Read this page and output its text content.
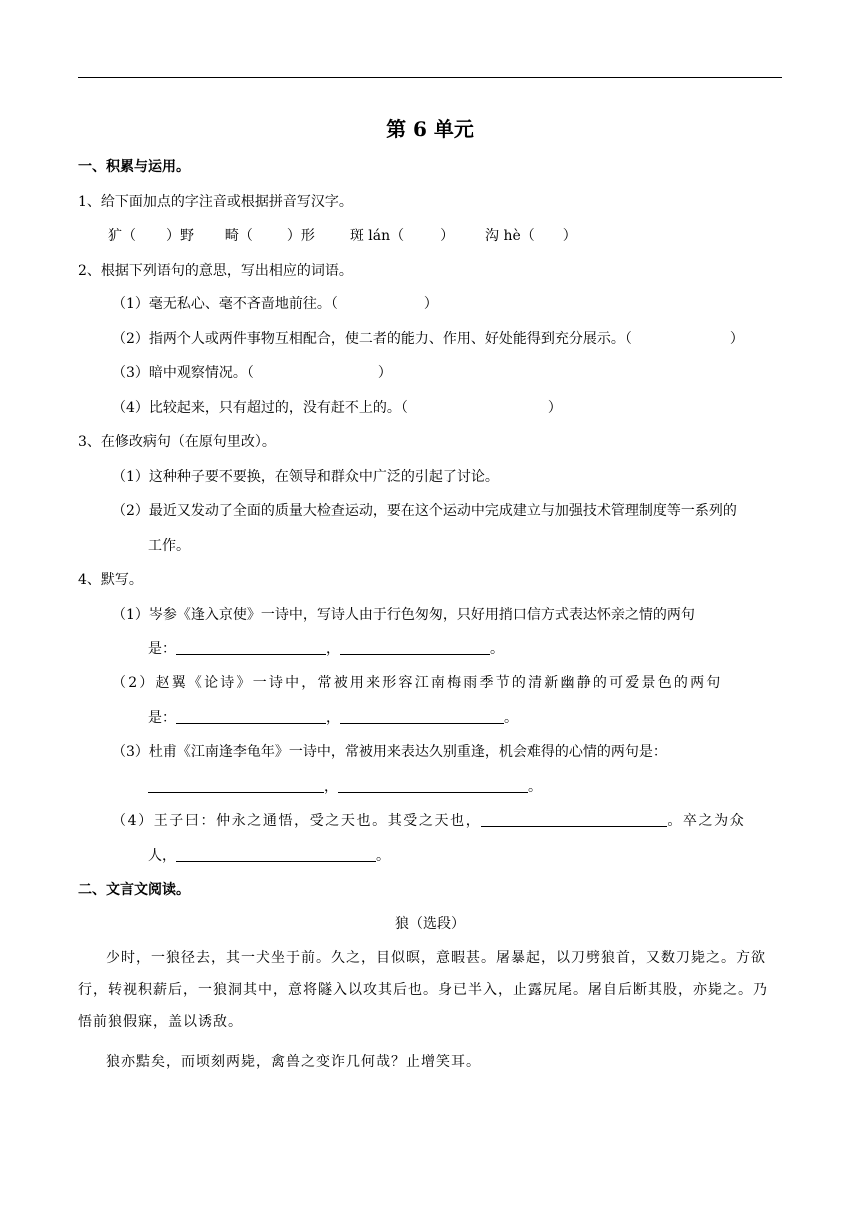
第 6 单元
一、积累与运用。
1、给下面加点的字注音或根据拼音写汉字。
犷（ ）野 畸（ ）形 斑 lán（	） 沟 hè（ ）
2、根据下列语句的意思，写出相应的词语。
（1）毫无私心、毫不吝啬地前往。（	）
（2）指两个人或两件事物互相配合，使二者的能力、作用、好处能得到充分展示。（	）
（3）暗中观察情况。（	）
（4）比较起来，只有超过的，没有赶不上的。（	）
3、在修改病句（在原句里改）。
（1）这种种子要不要换，在领导和群众中广泛的引起了讨论。
（2）最近又发动了全面的质量大检查运动，要在这个运动中完成建立与加强技术管理制度等一系列的
工作。
4、默写。
（1）岑参《逢入京使》一诗中，写诗人由于行色匆匆，只好用捎口信方式表达怀亲之情的两句
是：	，	。
（2）赵翼《论诗》一诗中，常被用来形容江南梅雨季节的清新幽静的可爱景色的两句
是：	，	。
（3）杜甫《江南逢李龟年》一诗中，常被用来表达久别重逢，机会难得的心情的两句是：
，	。
（4）王子曰：仲永之通悟，受之天也。其受之天也，	。卒之为众
人，	。
二、文言文阅读。
狼（选段）
少时，一狼径去，其一犬坐于前。久之，目似暝，意暇甚。屠暴起，以刀劈狼首，又数刀毙之。方欲行，转视积薪后，一狼洞其中，意将隧入以攻其后也。身已半入，止露尻尾。屠自后断其股，亦毙之。乃悟前狼假寐，盖以诱敌。
狼亦黠矣，而顷刻两毙，禽兽之变诈几何哉？止增笑耳。
